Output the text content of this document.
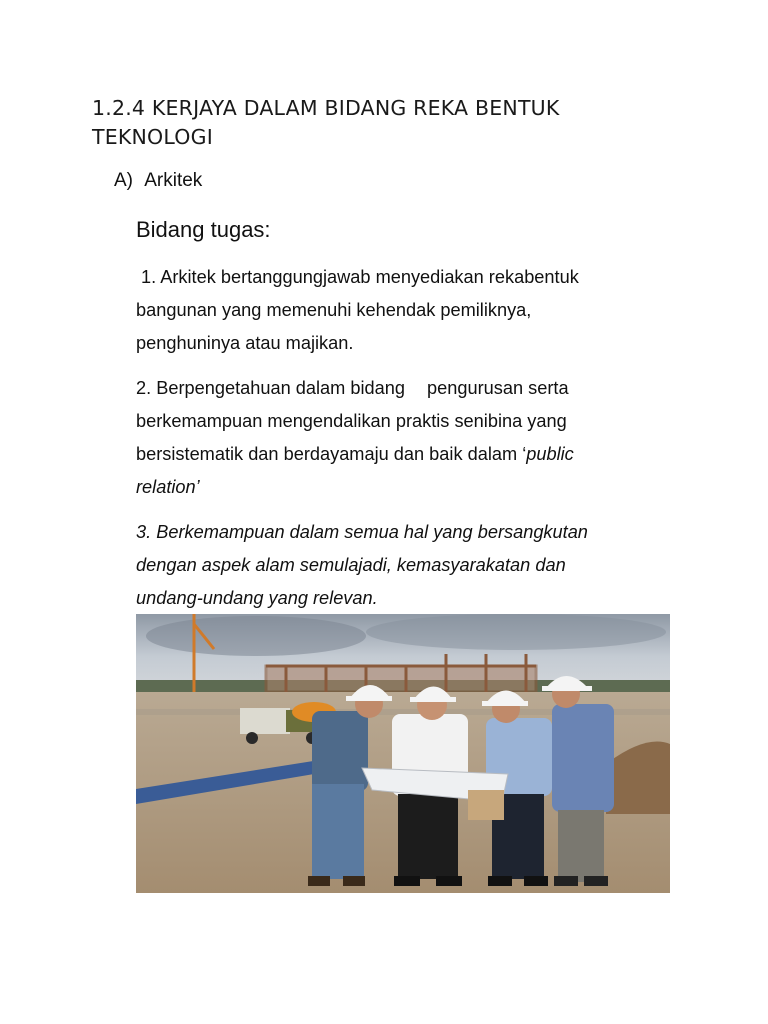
1.2.4 KERJAYA DALAM BIDANG REKA BENTUK
TEKNOLOGI
A) Arkitek
Bidang tugas:

1. Arkitek bertanggungjawab menyediakan rekabentuk
bangunan yang memenuhi kehendak pemiliknya,
penghuninya atau majikan.

2. Berpengetahuan dalam bidang pengurusan serta
berkemampuan mengendalikan praktis senibina yang
bersistematik dan berdayamaju dan baik dalam ‘public
relation’

3. Berkemampuan dalam semua hal yang bersangkutan
dengan aspek alam semulajadi, kemasyarakatan dan
undang-undang yang relevan.
